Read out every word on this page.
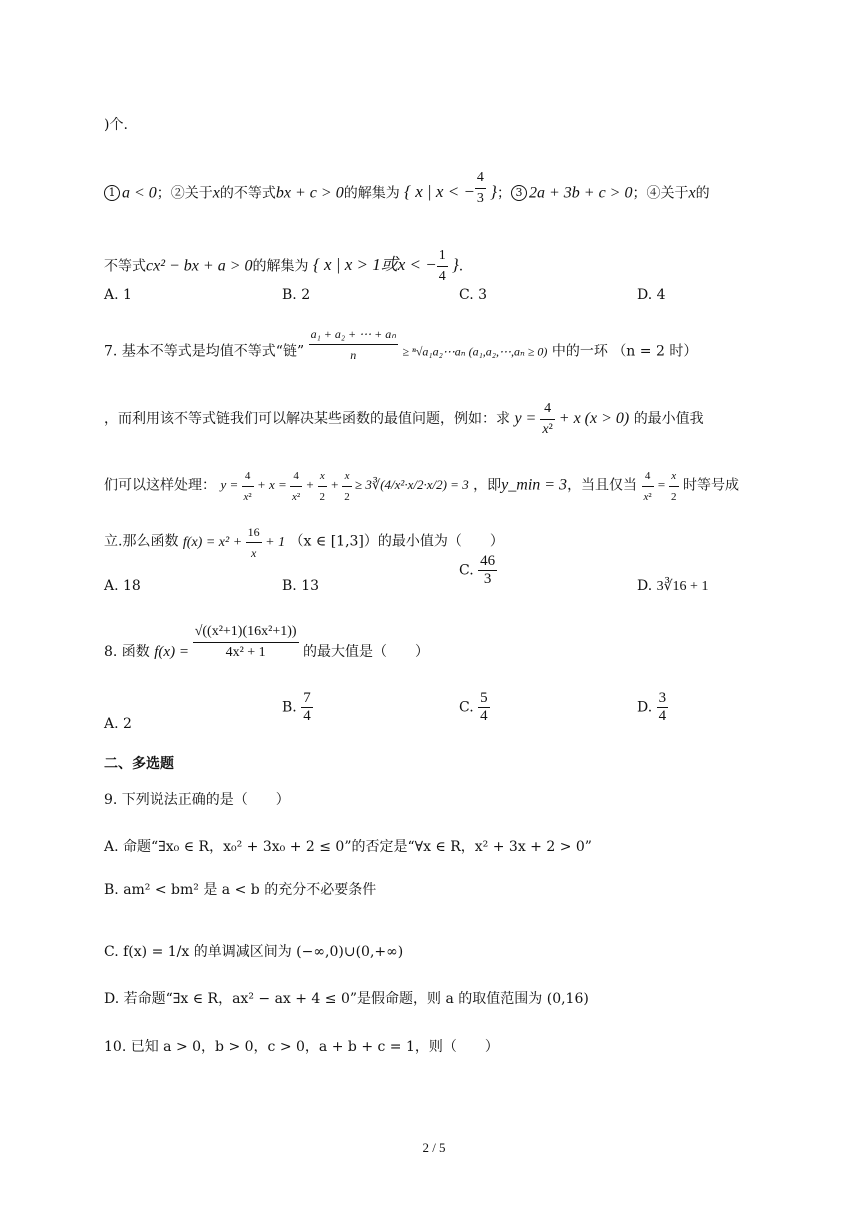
)个.
1 a < 0；②关于x的不等式bx + c > 0的解集为 { x | x < − $\frac{4}{3}$ }； 3 2a + 3b + c > 0；④关于x的
不等式cx² − bx + a > 0的解集为 { x | x > 1或x < − $\frac{1}{4}$ }.
A. 1	B. 2	C. 3	D. 4
7. 基本不等式是均值不等式“链” $\frac{\text{a₁ + a₂ + ⋯ + aₙ}}{n}$ ≥ ⁿ√a₁a₂⋯aₙ (a₁,a₂,⋯,aₙ ≥ 0) 中的一环 （n = 2 时）
，而利用该不等式链我们可以解决某些函数的最值问题，例如：求 $y = \frac{4}{\text{x²}} + x$ (x > 0) 的最小值我
们可以这样处理： $y = \frac{4}{\text{x²}} + x = \frac{4}{\text{x²}} + \frac{x}{2} + \frac{x}{2}$ ≥ 3∛(4/x²·x/2·x/2) = 3 ，即y_min = 3，当且仅当 $\frac{4}{\text{x²}} = \frac{x}{2}$ 时等号成
立.那么函数 $f(x) = x^2 + \frac{16}{x} + 1$ （x ∈ [1,3]）的最小值为（　　）
A. 18	B. 13
C. $\frac{46}{3}$	D. 3∛16 + 1
8. 函数 $f(x) = \frac{\text{√((x²+1)(16x²+1))}}{\text{4x² + 1}}$ 的最大值是（　　）
A. 2
B. $\frac{7}{4}$	C. $\frac{5}{4}$	D. $\frac{3}{4}$
二、多选题
9. 下列说法正确的是（　　）
A. 命题“∃x₀ ∈ R，x₀² + 3x₀ + 2 ≤ 0”的否定是“∀x ∈ R，x² + 3x + 2 > 0”
B. am² < bm² 是 a < b 的充分不必要条件
C. f(x) = 1/x 的单调减区间为 (−∞,0)∪(0,+∞)
D. 若命题“∃x ∈ R，ax² − ax + 4 ≤ 0”是假命题，则 a 的取值范围为 (0,16)
10. 已知 a > 0，b > 0，c > 0，a + b + c = 1，则（　　）
2 / 5
